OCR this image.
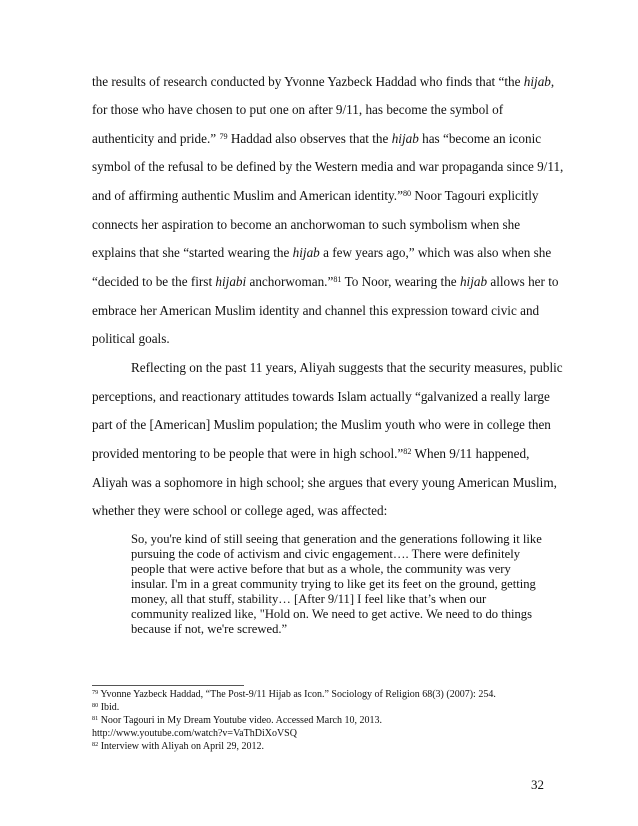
the results of research conducted by Yvonne Yazbeck Haddad who finds that “the hijab,
for those who have chosen to put one on after 9/11, has become the symbol of
authenticity and pride.” $^{79}$ Haddad also observes that the hijab has “become an iconic
symbol of the refusal to be defined by the Western media and war propaganda since 9/11,
and of affirming authentic Muslim and American identity.”$^{80}$ Noor Tagouri explicitly
connects her aspiration to become an anchorwoman to such symbolism when she
explains that she “started wearing the hijab a few years ago,” which was also when she
“decided to be the first hijabi anchorwoman.”$^{81}$ To Noor, wearing the hijab allows her to
embrace her American Muslim identity and channel this expression toward civic and
political goals.
Reflecting on the past 11 years, Aliyah suggests that the security measures, public
perceptions, and reactionary attitudes towards Islam actually “galvanized a really large
part of the [American] Muslim population; the Muslim youth who were in college then
provided mentoring to be people that were in high school.”$^{82}$ When 9/11 happened,
Aliyah was a sophomore in high school; she argues that every young American Muslim,
whether they were school or college aged, was affected:
So, you're kind of still seeing that generation and the generations following it like
pursuing the code of activism and civic engagement…. There were definitely
people that were active before that but as a whole, the community was very
insular. I'm in a great community trying to like get its feet on the ground, getting
money, all that stuff, stability… [After 9/11] I feel like that’s when our
community realized like, "Hold on. We need to get active. We need to do things
because if not, we're screwed.”
$^{79}$ Yvonne Yazbeck Haddad, “The Post-9/11 Hijab as Icon.” Sociology of Religion 68(3) (2007): 254.
$^{80}$ Ibid.
$^{81}$ Noor Tagouri in My Dream Youtube video. Accessed March 10, 2013.
http://www.youtube.com/watch?v=VaThDiXoVSQ
$^{82}$ Interview with Aliyah on April 29, 2012.
32
